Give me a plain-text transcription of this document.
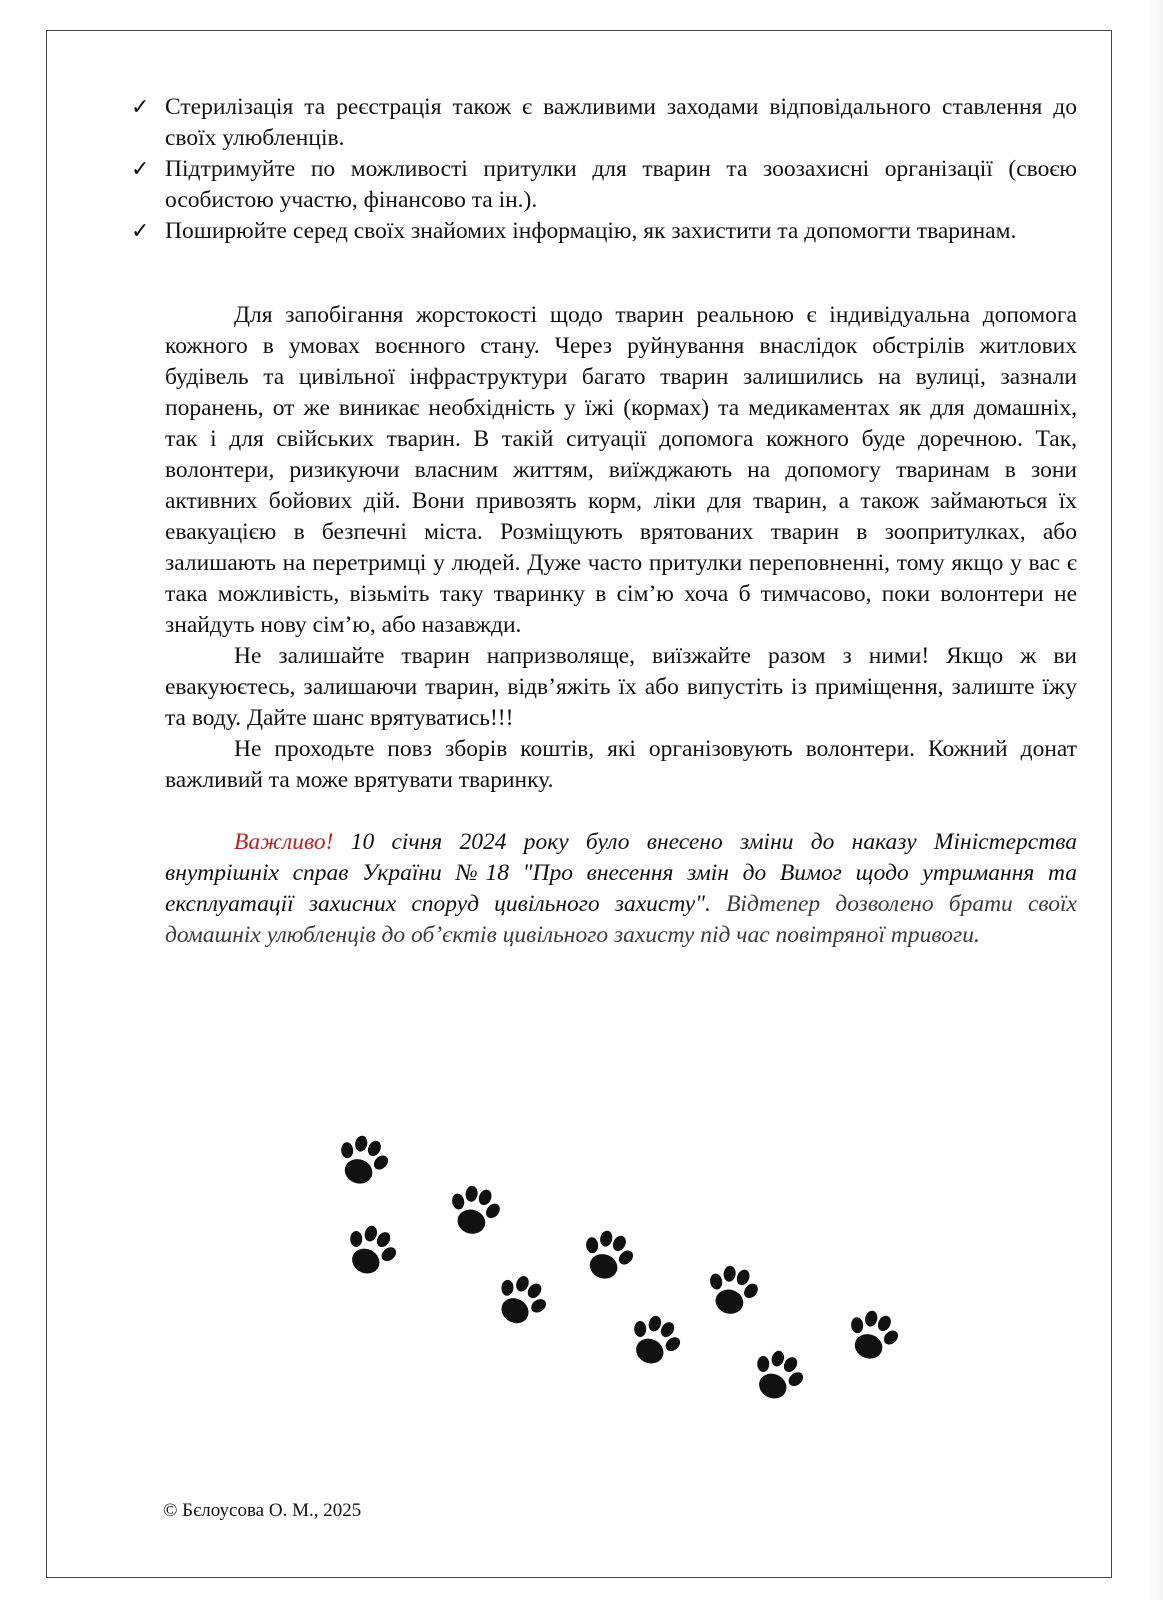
✓ Стерилізація та реєстрація також є важливими заходами відповідального ставлення до своїх улюбленців.
✓ Підтримуйте по можливості притулки для тварин та зоозахисні організації (своєю особистою участю, фінансово та ін.).
✓ Поширюйте серед своїх знайомих інформацію, як захистити та допомогти тваринам.

Для запобігання жорстокості щодо тварин реальною є індивідуальна допомога кожного в умовах воєнного стану. Через руйнування внаслідок обстрілів житлових будівель та цивільної інфраструктури багато тварин залишились на вулиці, зазнали поранень, от же виникає необхідність у їжі (кормах) та медикаментах як для домашніх, так і для свійських тварин. В такій ситуації допомога кожного буде доречною. Так, волонтери, ризикуючи власним життям, виїжджають на допомогу тваринам в зони активних бойових дій. Вони привозять корм, ліки для тварин, а також займаються їх евакуацією в безпечні міста. Розміщують врятованих тварин в зоопритулках, або залишають на перетримці у людей. Дуже часто притулки переповненні, тому якщо у вас є така можливість, візьміть таку тваринку в сім’ю хоча б тимчасово, поки волонтери не знайдуть нову сім’ю, або назавжди.

Не залишайте тварин напризволяще, виїзжайте разом з ними! Якщо ж ви евакуюєтесь, залишаючи тварин, відв’яжіть їх або випустіть із приміщення, залиште їжу та воду. Дайте шанс врятуватись!!!

Не проходьте повз зборів коштів, які організовують волонтери. Кожний донат важливий та може врятувати тваринку.

Важливо! 10 січня 2024 року було внесено зміни до наказу Міністерства внутрішніх справ України №18 "Про внесення змін до Вимог щодо утримання та експлуатації захисних споруд цивільного захисту". Відтепер дозволено брати своїх домашніх улюбленців до об’єктів цивільного захисту під час повітряної тривоги.

© Бєлоусова О. М., 2025
